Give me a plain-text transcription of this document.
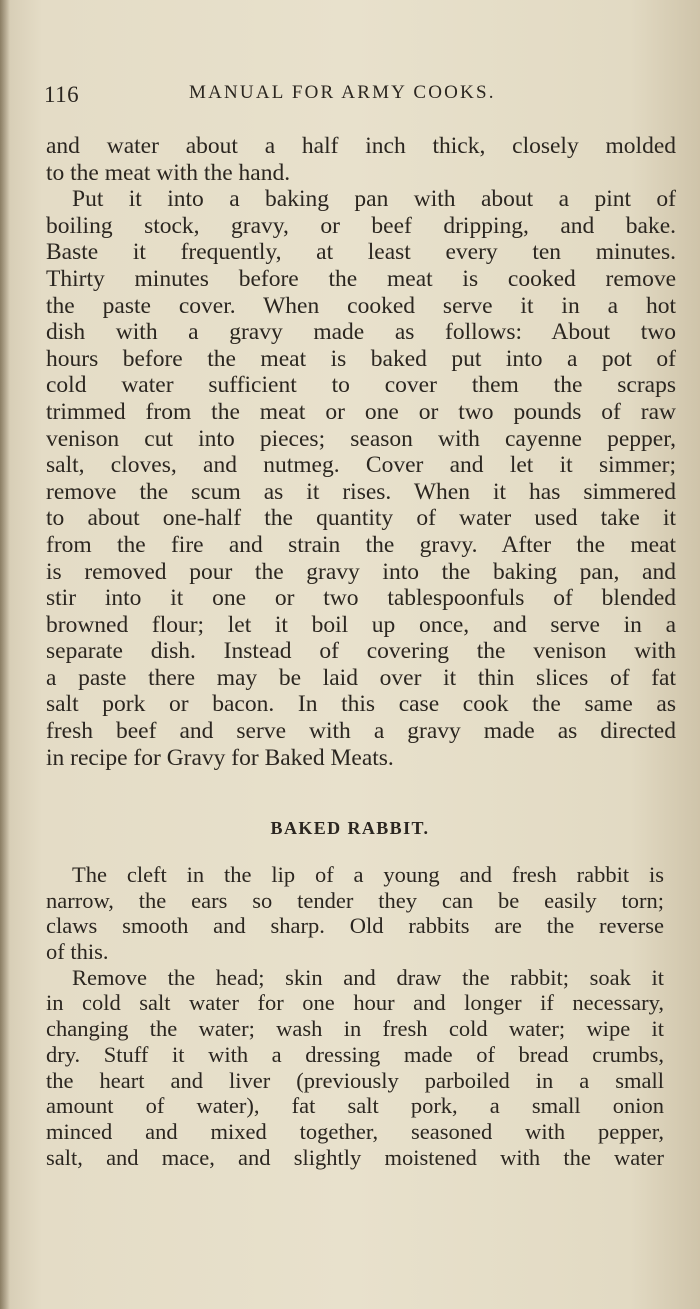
116	MANUAL FOR ARMY COOKS.
and water about a half inch thick, closely molded
to the meat with the hand.
Put it into a baking pan with about a pint of
boiling stock, gravy, or beef dripping, and bake.
Baste it frequently, at least every ten minutes.
Thirty minutes before the meat is cooked remove
the paste cover. When cooked serve it in a hot
dish with a gravy made as follows: About two
hours before the meat is baked put into a pot of
cold water sufficient to cover them the scraps
trimmed from the meat or one or two pounds of raw
venison cut into pieces; season with cayenne pepper,
salt, cloves, and nutmeg. Cover and let it simmer;
remove the scum as it rises. When it has simmered
to about one-half the quantity of water used take it
from the fire and strain the gravy. After the meat
is removed pour the gravy into the baking pan, and
stir into it one or two tablespoonfuls of blended
browned flour; let it boil up once, and serve in a
separate dish. Instead of covering the venison with
a paste there may be laid over it thin slices of fat
salt pork or bacon. In this case cook the same as
fresh beef and serve with a gravy made as directed
in recipe for Gravy for Baked Meats.
BAKED RABBIT.
The cleft in the lip of a young and fresh rabbit is
narrow, the ears so tender they can be easily torn;
claws smooth and sharp. Old rabbits are the reverse
of this.
Remove the head; skin and draw the rabbit; soak it
in cold salt water for one hour and longer if necessary,
changing the water; wash in fresh cold water; wipe it
dry. Stuff it with a dressing made of bread crumbs,
the heart and liver (previously parboiled in a small
amount of water), fat salt pork, a small onion
minced and mixed together, seasoned with pepper,
salt, and mace, and slightly moistened with the water
